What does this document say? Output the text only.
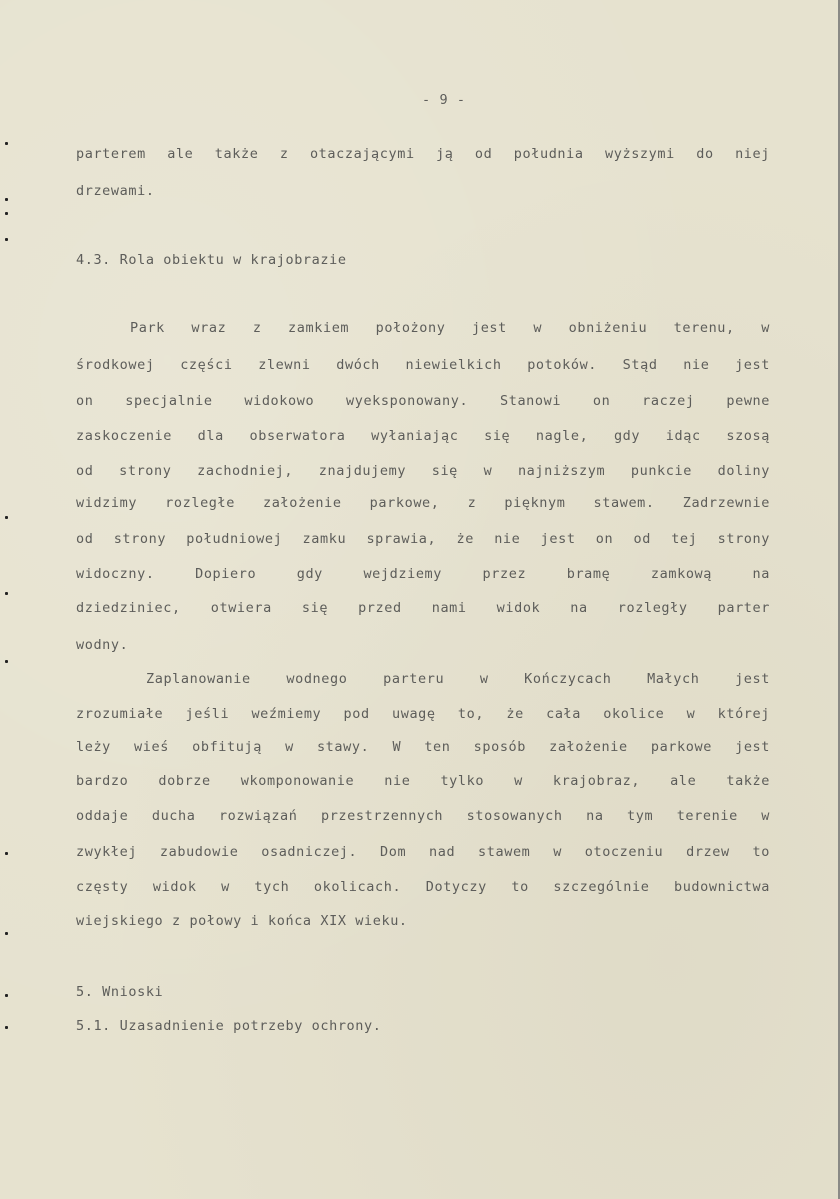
- 9 -
parterem ale także z otaczającymi ją od południa wyższymi do niej
drzewami.
4.3. Rola obiektu w krajobrazie
Park wraz z zamkiem położony jest w obniżeniu terenu, w
środkowej części zlewni dwóch niewielkich potoków. Stąd nie jest
on specjalnie widokowo wyeksponowany. Stanowi on raczej pewne
zaskoczenie dla obserwatora wyłaniając się nagle, gdy idąc szosą
od strony zachodniej, znajdujemy się w najniższym punkcie doliny
widzimy rozległe założenie parkowe, z pięknym stawem. Zadrzewnie
od strony południowej zamku sprawia, że nie jest on od tej strony
widoczny. Dopiero gdy wejdziemy przez bramę zamkową na
dziedziniec, otwiera się przed nami widok na rozległy parter
wodny.
Zaplanowanie wodnego parteru w Kończycach Małych jest
zrozumiałe jeśli weźmiemy pod uwagę to, że cała okolice w której
leży wieś obfitują w stawy. W ten sposób założenie parkowe jest
bardzo dobrze wkomponowanie nie tylko w krajobraz, ale także
oddaje ducha rozwiązań przestrzennych stosowanych na tym terenie w
zwykłej zabudowie osadniczej. Dom nad stawem w otoczeniu drzew to
częsty widok w tych okolicach. Dotyczy to szczególnie budownictwa
wiejskiego z połowy i końca XIX wieku.
5. Wnioski
5.1. Uzasadnienie potrzeby ochrony.
